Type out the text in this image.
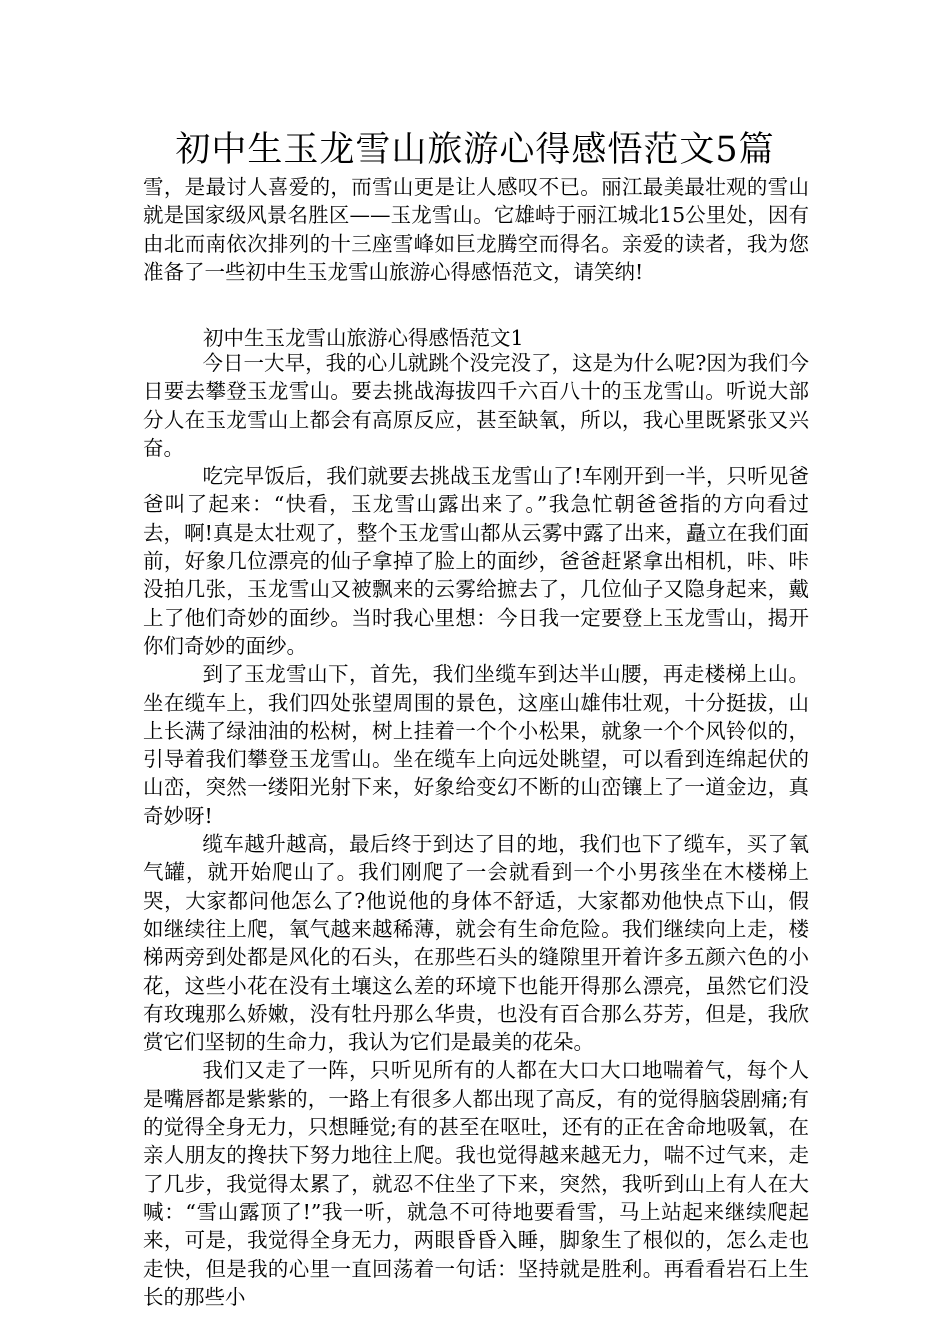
初中生玉龙雪山旅游心得感悟范文5篇

雪，是最讨人喜爱的，而雪山更是让人感叹不已。丽江最美最壮观的雪山就是国家级风景名胜区——玉龙雪山。它雄峙于丽江城北15公里处，因有由北而南依次排列的十三座雪峰如巨龙腾空而得名。亲爱的读者，我为您准备了一些初中生玉龙雪山旅游心得感悟范文，请笑纳!

初中生玉龙雪山旅游心得感悟范文1

今日一大早，我的心儿就跳个没完没了，这是为什么呢?因为我们今日要去攀登玉龙雪山。要去挑战海拔四千六百八十的玉龙雪山。听说大部分人在玉龙雪山上都会有高原反应，甚至缺氧，所以，我心里既紧张又兴奋。

吃完早饭后，我们就要去挑战玉龙雪山了!车刚开到一半，只听见爸爸叫了起来：“快看，玉龙雪山露出来了。”我急忙朝爸爸指的方向看过去，啊!真是太壮观了，整个玉龙雪山都从云雾中露了出来，矗立在我们面前，好象几位漂亮的仙子拿掉了脸上的面纱，爸爸赶紧拿出相机，咔、咔没拍几张，玉龙雪山又被飘来的云雾给摭去了，几位仙子又隐身起来，戴上了他们奇妙的面纱。当时我心里想：今日我一定要登上玉龙雪山，揭开你们奇妙的面纱。

到了玉龙雪山下，首先，我们坐缆车到达半山腰，再走楼梯上山。坐在缆车上，我们四处张望周围的景色，这座山雄伟壮观，十分挺拔，山上长满了绿油油的松树，树上挂着一个个小松果，就象一个个风铃似的，引导着我们攀登玉龙雪山。坐在缆车上向远处眺望，可以看到连绵起伏的山峦，突然一缕阳光射下来，好象给变幻不断的山峦镶上了一道金边，真奇妙呀!

缆车越升越高，最后终于到达了目的地，我们也下了缆车，买了氧气罐，就开始爬山了。我们刚爬了一会就看到一个小男孩坐在木楼梯上哭，大家都问他怎么了?他说他的身体不舒适，大家都劝他快点下山，假如继续往上爬，氧气越来越稀薄，就会有生命危险。我们继续向上走，楼梯两旁到处都是风化的石头，在那些石头的缝隙里开着许多五颜六色的小花，这些小花在没有土壤这么差的环境下也能开得那么漂亮，虽然它们没有玫瑰那么娇嫩，没有牡丹那么华贵，也没有百合那么芬芳，但是，我欣赏它们坚韧的生命力，我认为它们是最美的花朵。

我们又走了一阵，只听见所有的人都在大口大口地喘着气，每个人是嘴唇都是紫紫的，一路上有很多人都出现了高反，有的觉得脑袋剧痛;有的觉得全身无力，只想睡觉;有的甚至在呕吐，还有的正在舍命地吸氧，在亲人朋友的搀扶下努力地往上爬。我也觉得越来越无力，喘不过气来，走了几步，我觉得太累了，就忍不住坐了下来，突然，我听到山上有人在大喊：“雪山露顶了!”我一听，就急不可待地要看雪，马上站起来继续爬起来，可是，我觉得全身无力，两眼昏昏入睡，脚象生了根似的，怎么走也走快，但是我的心里一直回荡着一句话：坚持就是胜利。再看看岩石上生长的那些小
